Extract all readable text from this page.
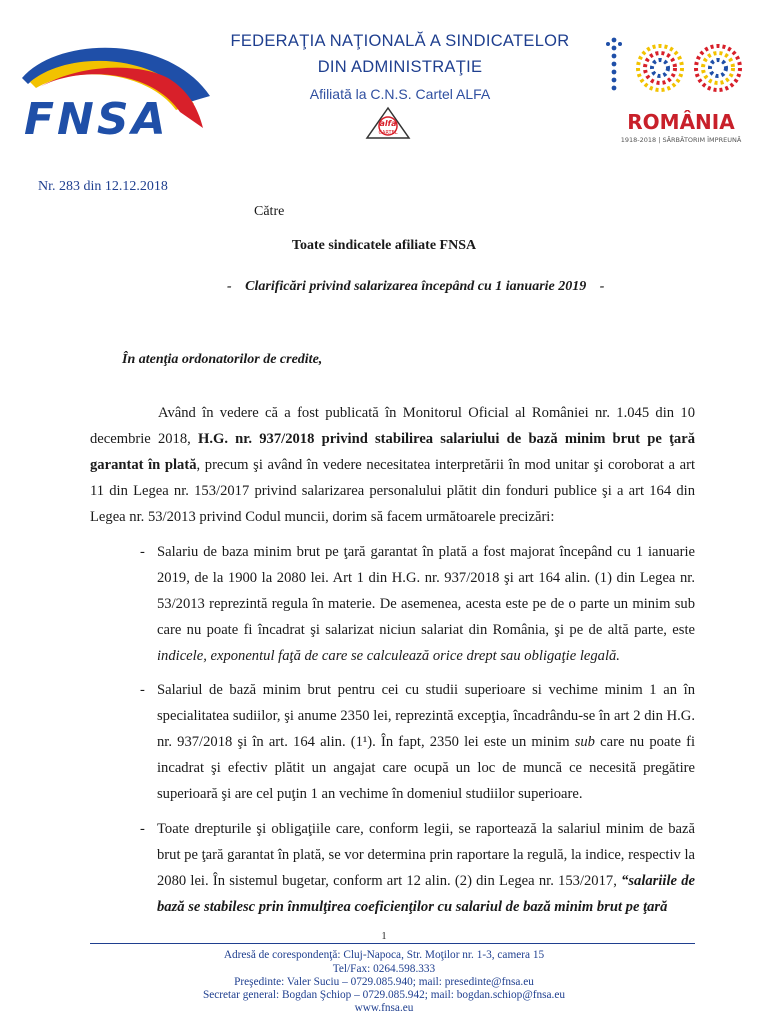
FNSA
FEDERAŢIA NAŢIONALĂ A SINDICATELOR
DIN ADMINISTRAŢIE
Afiliată la C.N.S. Cartel ALFA
alfa
CARTEL	ROMÂNIA
1918-2018 | SĂRBĂTORIM ÎMPREUNĂ
Nr. 283 din 12.12.2018
Către
Toate sindicatele afiliate FNSA
- Clarificări privind salarizarea începând cu 1 ianuarie 2019 -
În atenţia ordonatorilor de credite,
Având în vedere că a fost publicată în Monitorul Oficial al României nr. 1.045 din 10 decembrie 2018, H.G. nr. 937/2018 privind stabilirea salariului de bază minim brut pe ţară garantat în plată, precum şi având în vedere necesitatea interpretării în mod unitar şi coroborat a art 11 din Legea nr. 153/2017 privind salarizarea personalului plătit din fonduri publice şi a art 164 din Legea nr. 53/2013 privind Codul muncii, dorim să facem următoarele precizări:
- Salariu de baza minim brut pe ţară garantat în plată a fost majorat începând cu 1 ianuarie 2019, de la 1900 la 2080 lei. Art 1 din H.G. nr. 937/2018 şi art 164 alin. (1) din Legea nr. 53/2013 reprezintă regula în materie. De asemenea, acesta este pe de o parte un minim sub care nu poate fi încadrat şi salarizat niciun salariat din România, şi pe de altă parte, este indicele, exponentul faţă de care se calculează orice drept sau obligaţie legală.
- Salariul de bază minim brut pentru cei cu studii superioare si vechime minim 1 an în specialitatea sudiilor, şi anume 2350 lei, reprezintă excepţia, încadrându-se în art 2 din H.G. nr. 937/2018 şi în art. 164 alin. (1¹). În fapt, 2350 lei este un minim sub care nu poate fi incadrat şi efectiv plătit un angajat care ocupă un loc de muncă ce necesită pregătire superioară şi are cel puţin 1 an vechime în domeniul studiilor superioare.
- Toate drepturile şi obligaţiile care, conform legii, se raportează la salariul minim de bază brut pe ţară garantat în plată, se vor determina prin raportare la regulă, la indice, respectiv la 2080 lei. În sistemul bugetar, conform art 12 alin. (2) din Legea nr. 153/2017, “salariile de bază se stabilesc prin înmulţirea coeficienţilor cu salariul de bază minim brut pe ţară
1
Adresă de corespondenţă: Cluj-Napoca, Str. Moţilor nr. 1-3, camera 15
Tel/Fax: 0264.598.333
Preşedinte: Valer Suciu – 0729.085.940; mail: presedinte@fnsa.eu
Secretar general: Bogdan Şchiop – 0729.085.942; mail: bogdan.schiop@fnsa.eu
www.fnsa.eu
